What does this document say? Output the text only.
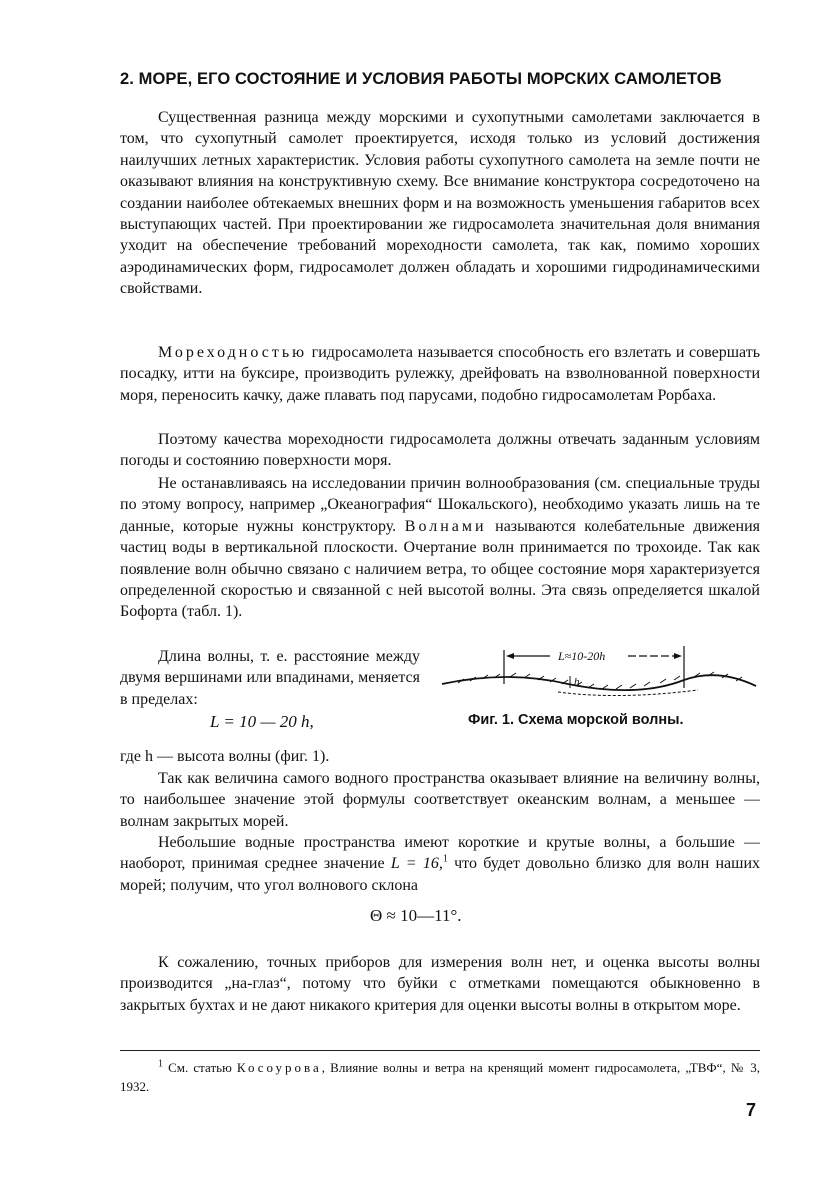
2. МОРЕ, ЕГО СОСТОЯНИЕ И УСЛОВИЯ РАБОТЫ МОРСКИХ САМОЛЕТОВ
Существенная разница между морскими и сухопутными самолетами заключается в том, что сухопутный самолет проектируется, исходя только из условий достижения наилучших летных характеристик. Условия работы сухопутного самолета на земле почти не оказывают влияния на конструктивную схему. Все внимание конструктора сосредоточено на создании наиболее обтекаемых внешних форм и на возможность уменьшения габаритов всех выступающих частей. При проектировании же гидросамолета значительная доля внимания уходит на обеспечение требований мореходности самолета, так как, помимо хороших аэродинамических форм, гидросамолет должен обладать и хорошими гидродинамическими свойствами.
Мореходностью гидросамолета называется способность его взлетать и совершать посадку, итти на буксире, производить рулежку, дрейфовать на взволнованной поверхности моря, переносить качку, даже плавать под парусами, подобно гидросамолетам Рорбаха.
Поэтому качества мореходности гидросамолета должны отвечать заданным условиям погоды и состоянию поверхности моря.
Не останавливаясь на исследовании причин волнообразования (см. специальные труды по этому вопросу, например „Океанография“ Шокальского), необходимо указать лишь на те данные, которые нужны конструктору. Волнами называются колебательные движения частиц воды в вертикальной плоскости. Очертание волн принимается по трохоиде. Так как появление волн обычно связано с наличием ветра, то общее состояние моря характеризуется определенной скоростью и связанной с ней высотой волны. Эта связь определяется шкалой Бофорта (табл. 1).
Длина волны, т. е. расстояние между двумя вершинами или впадинами, меняется в пределах:
L = 10 — 20 h,
L≈10-20h
h
Фиг. 1. Схема морской волны.
где h — высота волны (фиг. 1).
Так как величина самого водного пространства оказывает влияние на величину волны, то наибольшее значение этой формулы соответствует океанским волнам, а меньшее — волнам закрытых морей.
Небольшие водные пространства имеют короткие и крутые волны, а большие — наоборот, принимая среднее значение L = 16,$^1$ что будет довольно близко для волн наших морей; получим, что угол волнового склона
Θ ≈ 10—11°.
К сожалению, точных приборов для измерения волн нет, и оценка высоты волны производится „на-глаз“, потому что буйки с отметками помещаются обыкновенно в закрытых бухтах и не дают никакого критерия для оценки высоты волны в открытом море.
$^1$ См. статью Косоурова, Влияние волны и ветра на кренящий момент гидросамолета, „ТВФ“, № 3, 1932.
7
